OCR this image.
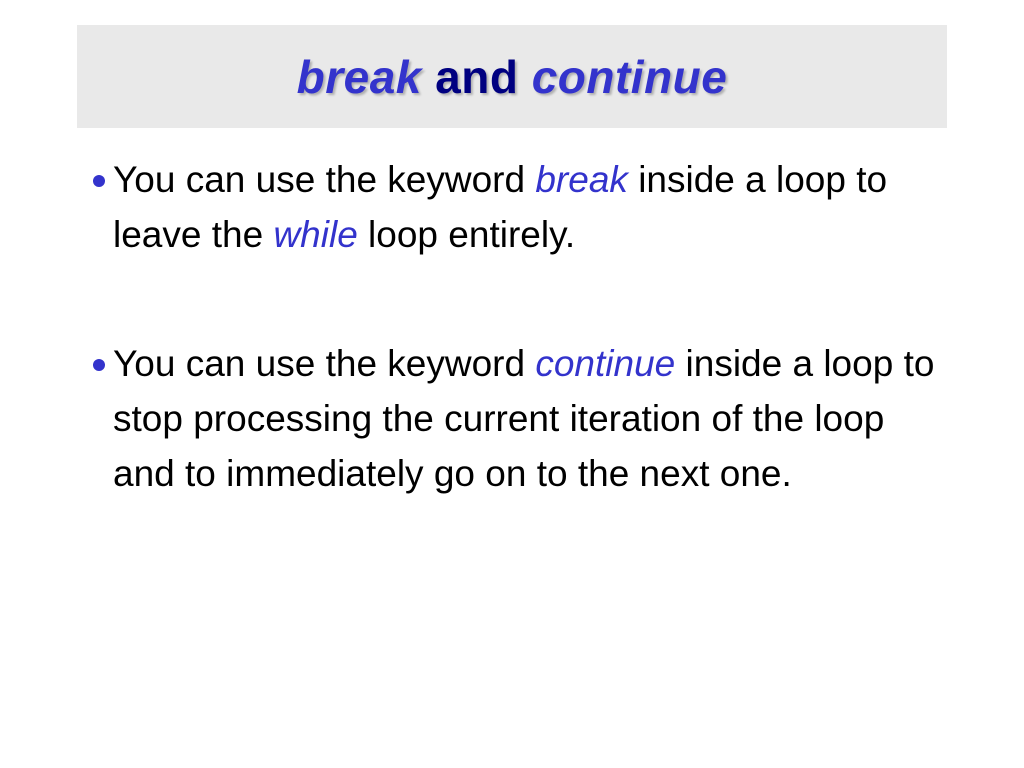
break and continue
You can use the keyword break inside a loop to leave the while loop entirely.
You can use the keyword continue inside a loop to stop processing the current iteration of the loop and to immediately go on to the next one.
